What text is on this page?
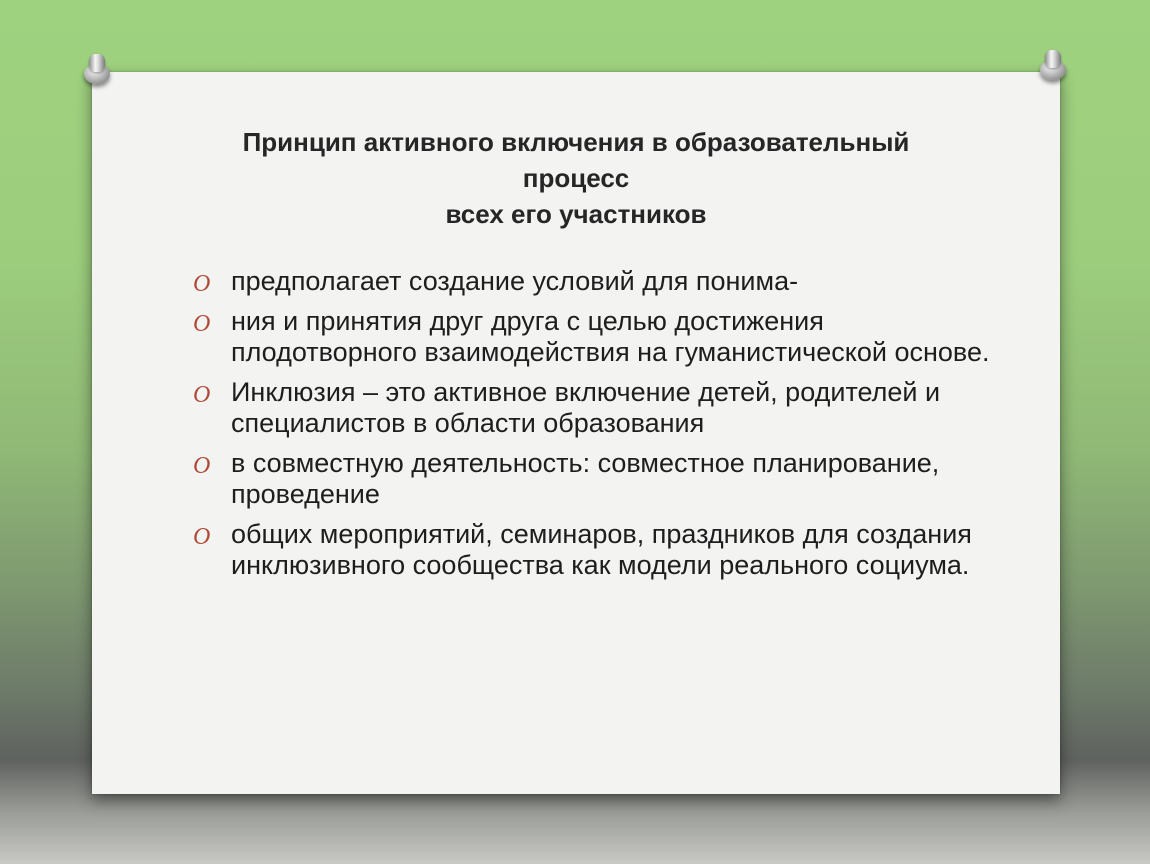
Принцип активного включения в образовательный
процесс
всех его участников
O предполагает создание условий для понима-
O ния и принятия друг друга с целью достижения плодотворного взаимодействия на гуманистической основе.
O Инклюзия – это активное включение детей, родителей и специалистов в области образования
O в совместную деятельность: совместное планирование, проведение
O общих мероприятий, семинаров, праздников для создания инклюзивного сообщества как модели реального социума.
